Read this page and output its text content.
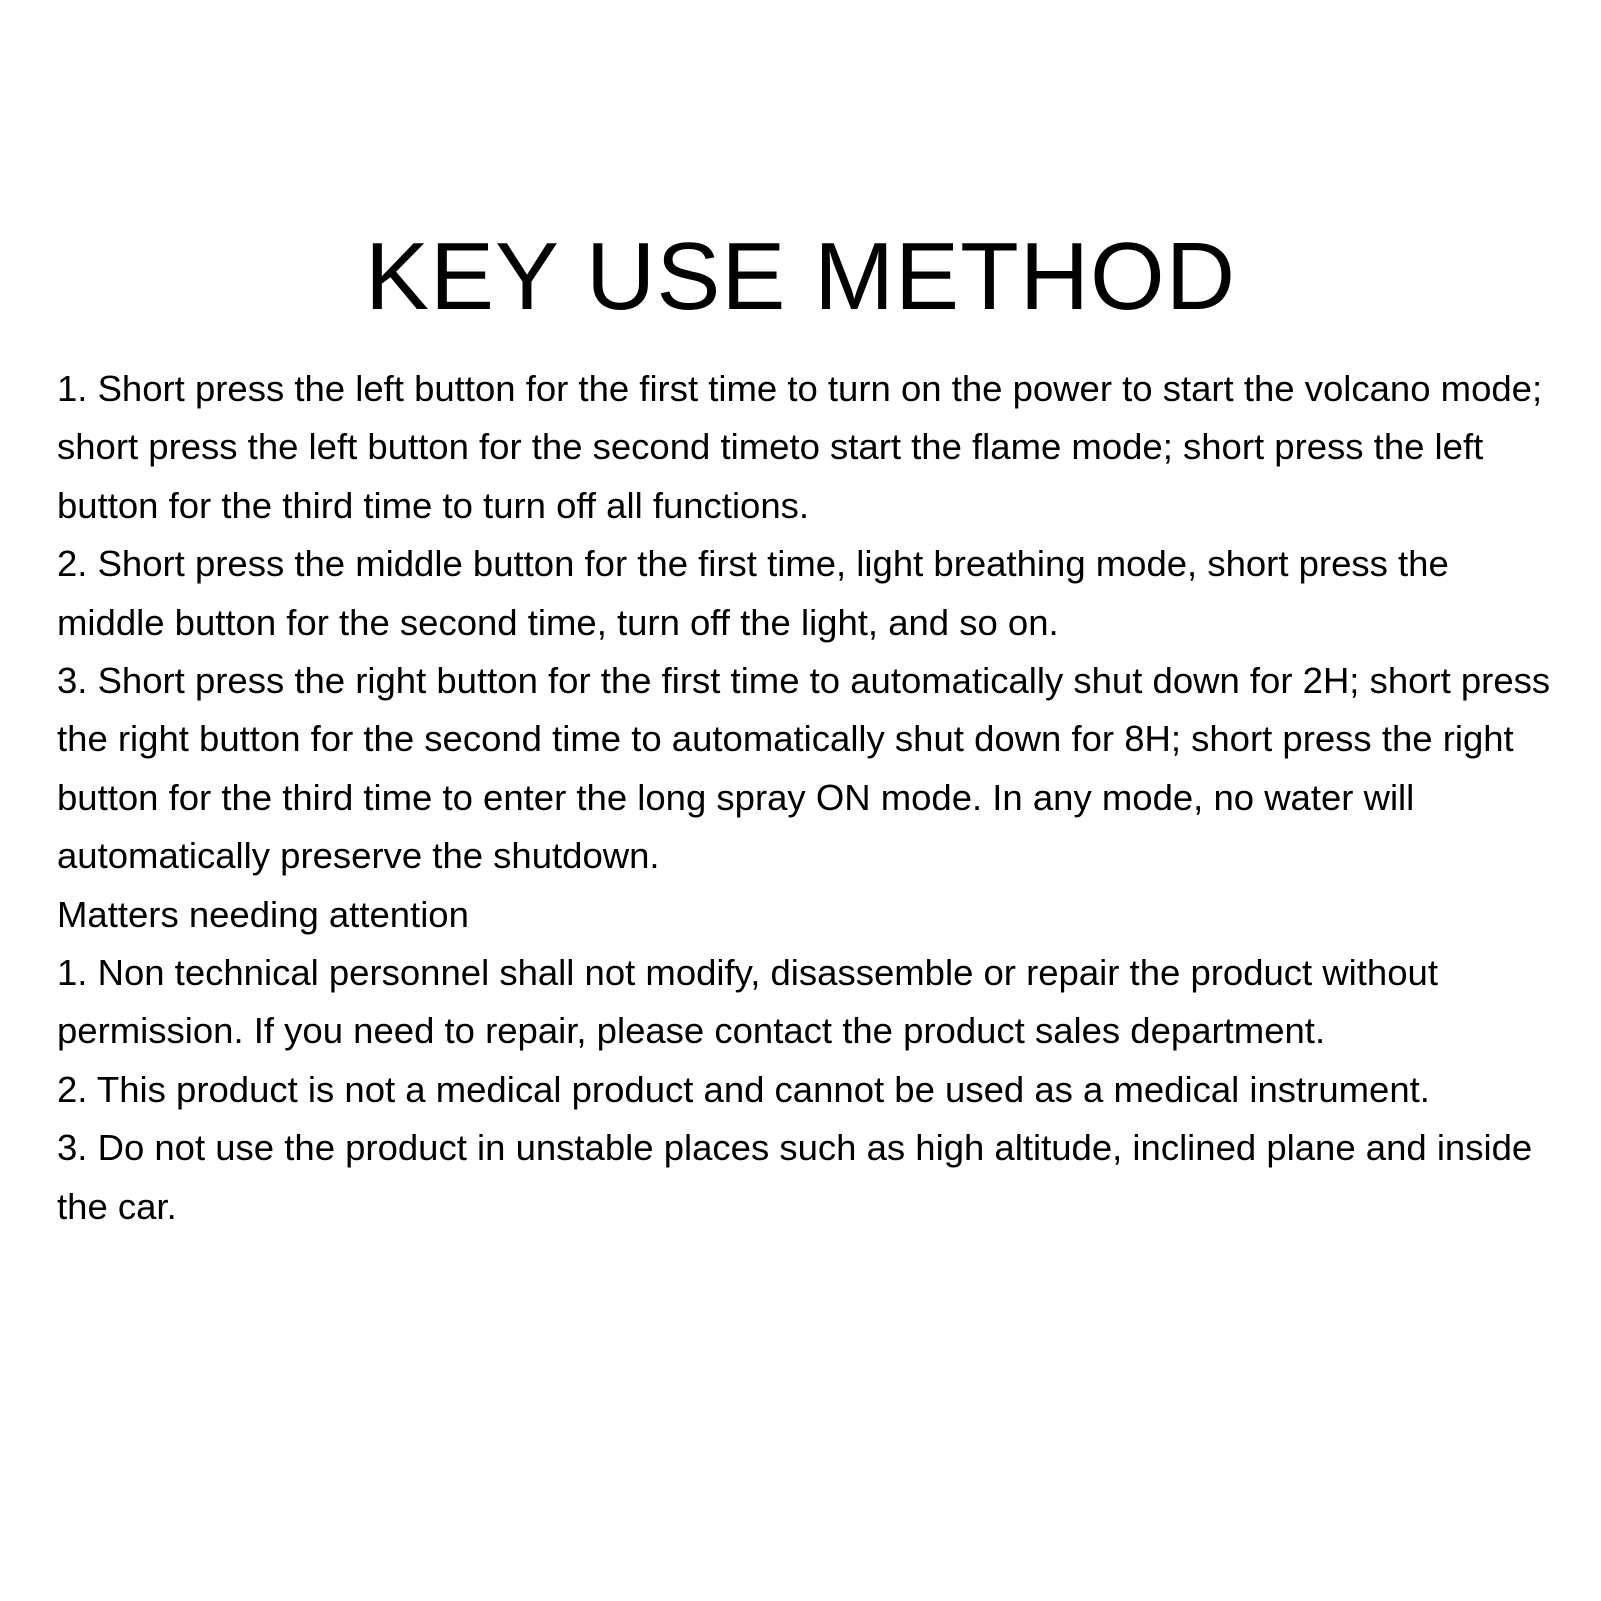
KEY USE METHOD

1. Short press the left button for the first time to turn on the power to start the volcano mode; short press the left button for the second timeto start the flame mode; short press the left button for the third time to turn off all functions.

2. Short press the middle button for the first time, light breathing mode, short press the middle button for the second time, turn off the light, and so on.

3. Short press the right button for the first time to automatically shut down for 2H; short press the right button for the second time to automatically shut down for 8H; short press the right button for the third time to enter the long spray ON mode. In any mode, no water will automatically preserve the shutdown.

Matters needing attention

1. Non technical personnel shall not modify, disassemble or repair the product without permission. If you need to repair, please contact the product sales department.

2. This product is not a medical product and cannot be used as a medical instrument.

3. Do not use the product in unstable places such as high altitude, inclined plane and inside the car.
